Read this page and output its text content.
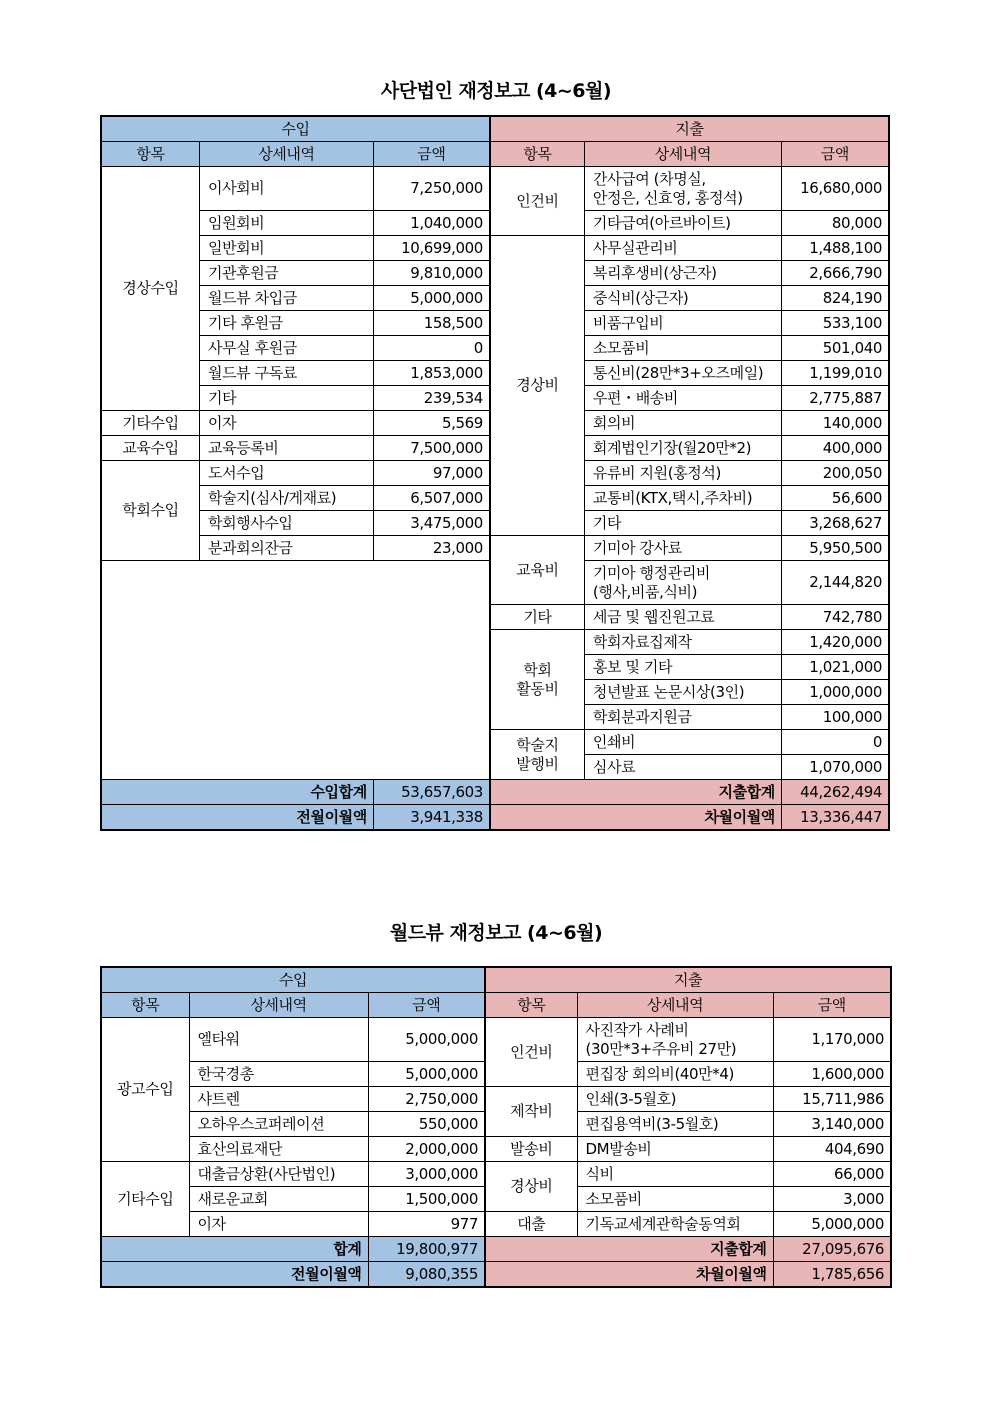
사단법인 재정보고 (4~6월)
수입			지출		
항목	상세내역	금액	항목	상세내역	금액
경상수입	이사회비	7,250,000	인건비	간사급여 (차명실,
안정은, 신효영, 홍정석)	16,680,000
	임원회비	1,040,000		기타급여(아르바이트)	80,000
	일반회비	10,699,000	경상비	사무실관리비	1,488,100
	기관후원금	9,810,000		복리후생비(상근자)	2,666,790
	월드뷰 차입금	5,000,000		중식비(상근자)	824,190
	기타 후원금	158,500		비품구입비	533,100
	사무실 후원금	0		소모품비	501,040
	월드뷰 구독료	1,853,000		통신비(28만*3+오즈메일)	1,199,010
	기타	239,534		우편・배송비	2,775,887
기타수입	이자	5,569		회의비	140,000
교육수입	교육등록비	7,500,000		회계법인기장(월20만*2)	400,000
학회수입	도서수입	97,000		유류비 지원(홍정석)	200,050
	학술지(심사/게재료)	6,507,000		교통비(KTX,택시,주차비)	56,600
	학회행사수입	3,475,000		기타	3,268,627
	분과회의잔금	23,000	교육비	기미아 강사료	5,950,500
				기미아 행정관리비
(행사,비품,식비)	2,144,820
			기타	세금 및 웹진원고료	742,780
			학회
활동비	학회자료집제작	1,420,000
				홍보 및 기타	1,021,000
				청년발표 논문시상(3인)	1,000,000
				학회분과지원금	100,000
			학술지
발행비	인쇄비	0
				심사료	1,070,000
수입합계		53,657,603	지출합계		44,262,494
전월이월액		3,941,338	차월이월액		13,336,447
월드뷰 재정보고 (4~6월)
수입			지출		
항목	상세내역	금액	항목	상세내역	금액
광고수입	엘타워	5,000,000	인건비	사진작가 사례비
(30만*3+주유비 27만)	1,170,000
	한국경총	5,000,000		편집장 회의비(40만*4)	1,600,000
	샤트렌	2,750,000	제작비	인쇄(3-5월호)	15,711,986
	오하우스코퍼레이션	550,000		편집용역비(3-5월호)	3,140,000
	효산의료재단	2,000,000	발송비	DM발송비	404,690
기타수입	대출금상환(사단법인)	3,000,000	경상비	식비	66,000
	새로운교회	1,500,000		소모품비	3,000
	이자	977	대출	기독교세계관학술동역회	5,000,000
합계		19,800,977	지출합계		27,095,676
전월이월액		9,080,355	차월이월액		1,785,656
